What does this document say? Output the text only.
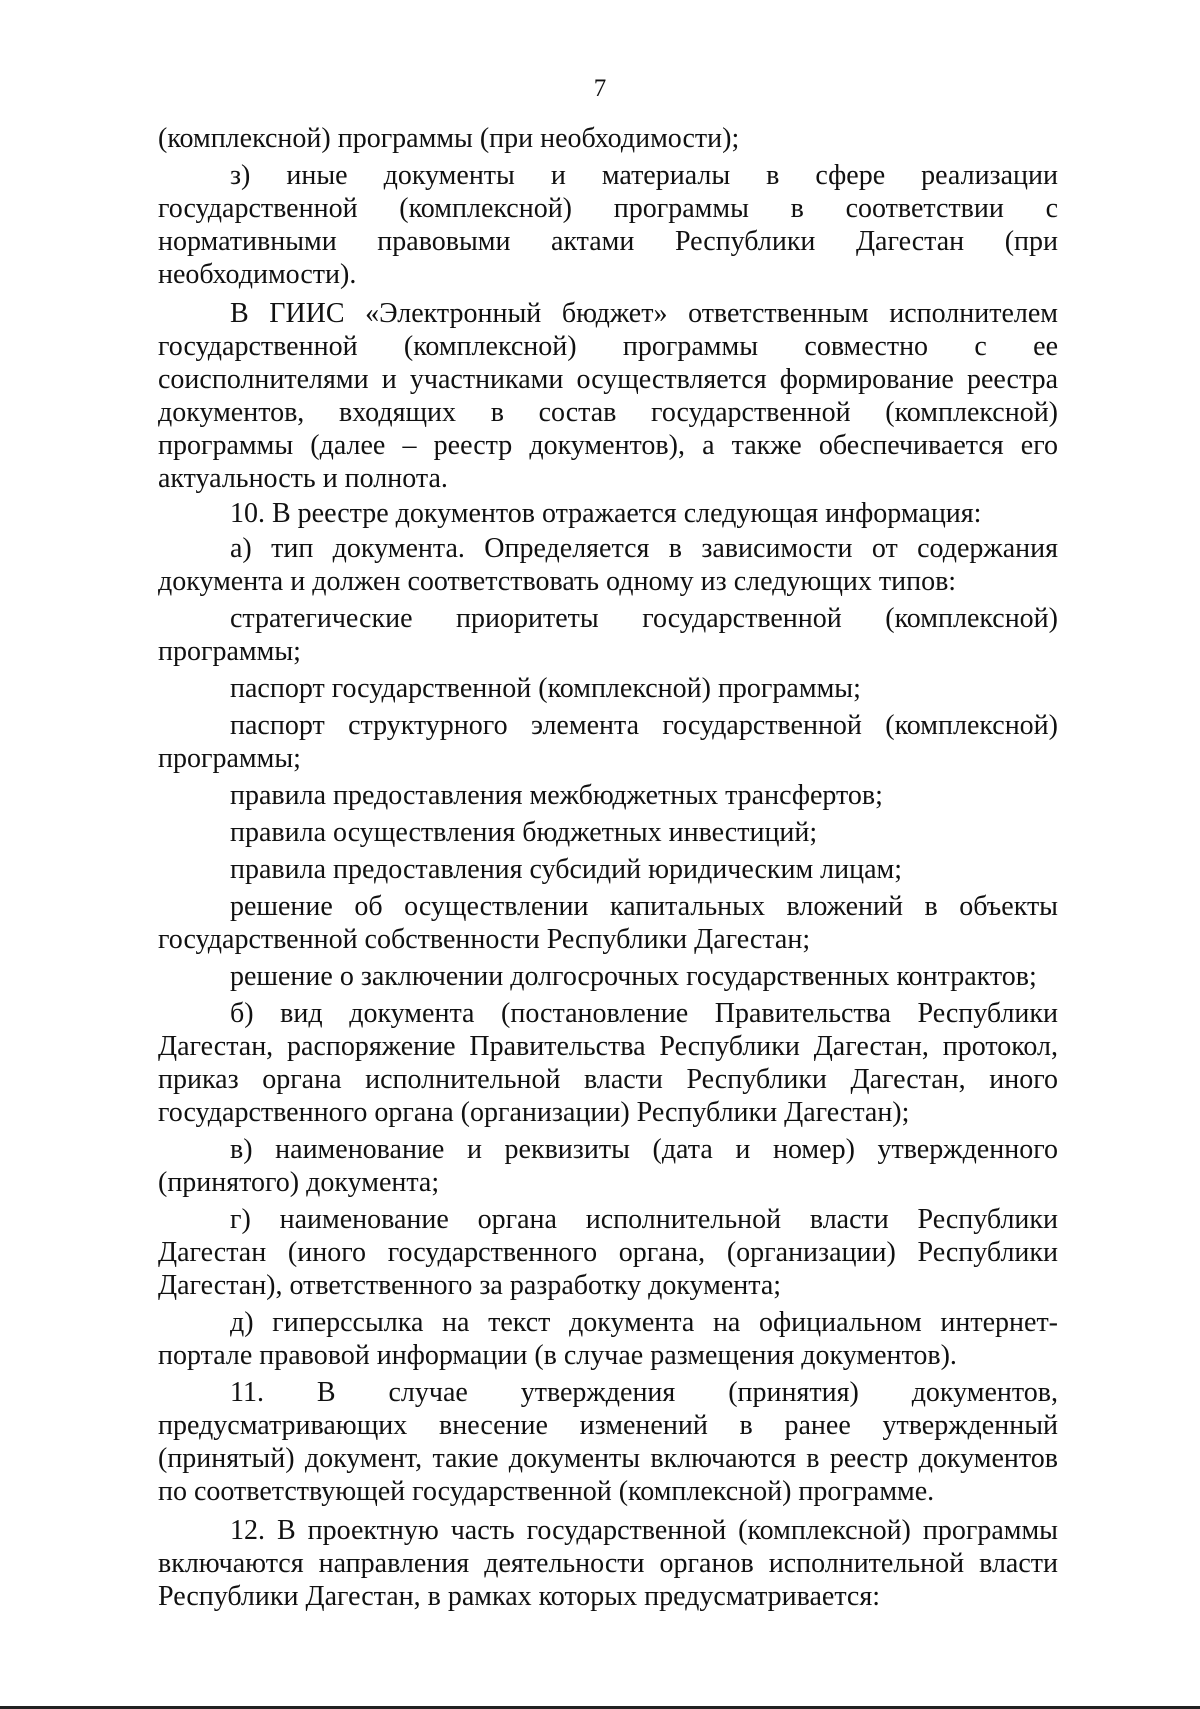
7

(комплексной) программы (при необходимости);

з) иные документы и материалы в сфере реализации государственной (комплексной) программы в соответствии с нормативными правовыми актами Республики Дагестан (при необходимости).

В ГИИС «Электронный бюджет» ответственным исполнителем государственной (комплексной) программы совместно с ее соисполнителями и участниками осуществляется формирование реестра документов, входящих в состав государственной (комплексной) программы (далее – реестр документов), а также обеспечивается его актуальность и полнота.

10. В реестре документов отражается следующая информация:

а) тип документа. Определяется в зависимости от содержания документа и должен соответствовать одному из следующих типов:

стратегические приоритеты государственной (комплексной) программы;

паспорт государственной (комплексной) программы;

паспорт структурного элемента государственной (комплексной) программы;

правила предоставления межбюджетных трансфертов;

правила осуществления бюджетных инвестиций;

правила предоставления субсидий юридическим лицам;

решение об осуществлении капитальных вложений в объекты государственной собственности Республики Дагестан;

решение о заключении долгосрочных государственных контрактов;

б) вид документа (постановление Правительства Республики Дагестан, распоряжение Правительства Республики Дагестан, протокол, приказ органа исполнительной власти Республики Дагестан, иного государственного органа (организации) Республики Дагестан);

в) наименование и реквизиты (дата и номер) утвержденного (принятого) документа;

г) наименование органа исполнительной власти Республики Дагестан (иного государственного органа, (организации) Республики Дагестан), ответственного за разработку документа;

д) гиперссылка на текст документа на официальном интернет-портале правовой информации (в случае размещения документов).

11. В случае утверждения (принятия) документов, предусматривающих внесение изменений в ранее утвержденный (принятый) документ, такие документы включаются в реестр документов по соответствующей государственной (комплексной) программе.

12. В проектную часть государственной (комплексной) программы включаются направления деятельности органов исполнительной власти Республики Дагестан, в рамках которых предусматривается:
